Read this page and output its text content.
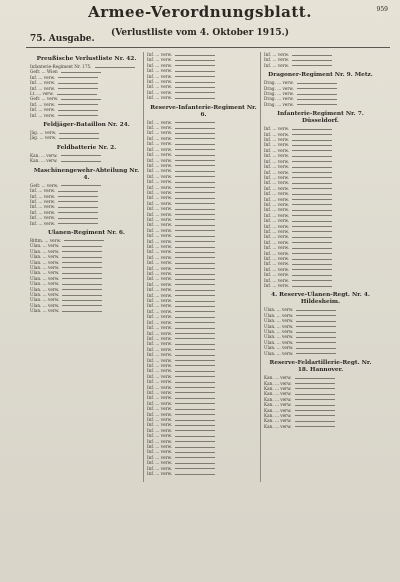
959
Armee-Verordnungsblatt.
75. Ausgabe.
(Verlustliste vom 4. Oktober 1915.)
Preußische Verlustliste Nr. 42.
Infanterie-Regiment Nr. 175.
Gefr. ... Wien
Inf. ... verw.
Inf. ... verw.
Inf. ... verw.
Lt. ... verw.
Gefr. ... verw.
Inf. ... verw.
Inf. ... verw.
Inf. ... verw.
Feldjäger-Bataillon Nr. 24.
Jäg. ... verw.
Jäg. ... verw.
Feldbatterie Nr. 2.
Kan. ... verw.
Kan. ... verw.
Maschinengewehr-Abteilung Nr. 4.
Gefr. ... verw.
Inf. ... verw.
Inf. ... verw.
Inf. ... verw.
Inf. ... verw.
Inf. ... verw.
Inf. ... verw.
Inf. ... verw.
Ulanen-Regiment Nr. 6.
Rittm. ... verw.
Ulan. ... verw.
Ulan. ... verw.
Ulan. ... verw.
Ulan. ... verw.
Ulan. ... verw.
Ulan. ... verw.
Ulan. ... verw.
Ulan. ... verw.
Ulan. ... verw.
Ulan. ... verw.
Ulan. ... verw.
Ulan. ... verw.
Ulan. ... verw.
Inf. ... verw.
Inf. ... verw.
Inf. ... verw.
Inf. ... verw.
Inf. ... verw.
Inf. ... verw.
Inf. ... verw.
Inf. ... verw.
Inf. ... verw.
Reserve-Infanterie-Regiment Nr. 6.
Inf. ... verw.
Inf. ... verw.
Inf. ... verw.
Inf. ... verw.
Inf. ... verw.
Inf. ... verw.
Inf. ... verw.
Inf. ... verw.
Inf. ... verw.
Inf. ... verw.
Inf. ... verw.
Inf. ... verw.
Inf. ... verw.
Inf. ... verw.
Inf. ... verw.
Inf. ... verw.
Inf. ... verw.
Inf. ... verw.
Inf. ... verw.
Inf. ... verw.
Inf. ... verw.
Inf. ... verw.
Inf. ... verw.
Inf. ... verw.
Inf. ... verw.
Inf. ... verw.
Inf. ... verw.
Inf. ... verw.
Inf. ... verw.
Inf. ... verw.
Inf. ... verw.
Inf. ... verw.
Inf. ... verw.
Inf. ... verw.
Inf. ... verw.
Inf. ... verw.
Inf. ... verw.
Inf. ... verw.
Inf. ... verw.
Inf. ... verw.
Inf. ... verw.
Inf. ... verw.
Inf. ... verw.
Inf. ... verw.
Inf. ... verw.
Inf. ... verw.
Inf. ... verw.
Inf. ... verw.
Inf. ... verw.
Inf. ... verw.
Inf. ... verw.
Inf. ... verw.
Inf. ... verw.
Inf. ... verw.
Inf. ... verw.
Inf. ... verw.
Inf. ... verw.
Inf. ... verw.
Inf. ... verw.
Inf. ... verw.
Inf. ... verw.
Inf. ... verw.
Inf. ... verw.
Inf. ... verw.
Inf. ... verw.
Inf. ... verw.
Inf. ... verw.
Inf. ... verw.
Inf. ... verw.
Dragoner-Regiment Nr. 9. Metz.
Drag. ... verw.
Drag. ... verw.
Drag. ... verw.
Drag. ... verw.
Drag. ... verw.
Infanterie-Regiment Nr. 7. Düsseldorf.
Inf. ... verw.
Inf. ... verw.
Inf. ... verw.
Inf. ... verw.
Inf. ... verw.
Inf. ... verw.
Inf. ... verw.
Inf. ... verw.
Inf. ... verw.
Inf. ... verw.
Inf. ... verw.
Inf. ... verw.
Inf. ... verw.
Inf. ... verw.
Inf. ... verw.
Inf. ... verw.
Inf. ... verw.
Inf. ... verw.
Inf. ... verw.
Inf. ... verw.
Inf. ... verw.
Inf. ... verw.
Inf. ... verw.
Inf. ... verw.
Inf. ... verw.
Inf. ... verw.
Inf. ... verw.
Inf. ... verw.
Inf. ... verw.
Inf. ... verw.
4. Reserve-Ulanen-Regt. Nr. 4. Hildesheim.
Ulan. ... verw.
Ulan. ... verw.
Ulan. ... verw.
Ulan. ... verw.
Ulan. ... verw.
Ulan. ... verw.
Ulan. ... verw.
Ulan. ... verw.
Ulan. ... verw.
Reserve-Feldartillerie-Regt. Nr. 18. Hannover.
Kan. ... verw.
Kan. ... verw.
Kan. ... verw.
Kan. ... verw.
Kan. ... verw.
Kan. ... verw.
Kan. ... verw.
Kan. ... verw.
Kan. ... verw.
Kan. ... verw.
